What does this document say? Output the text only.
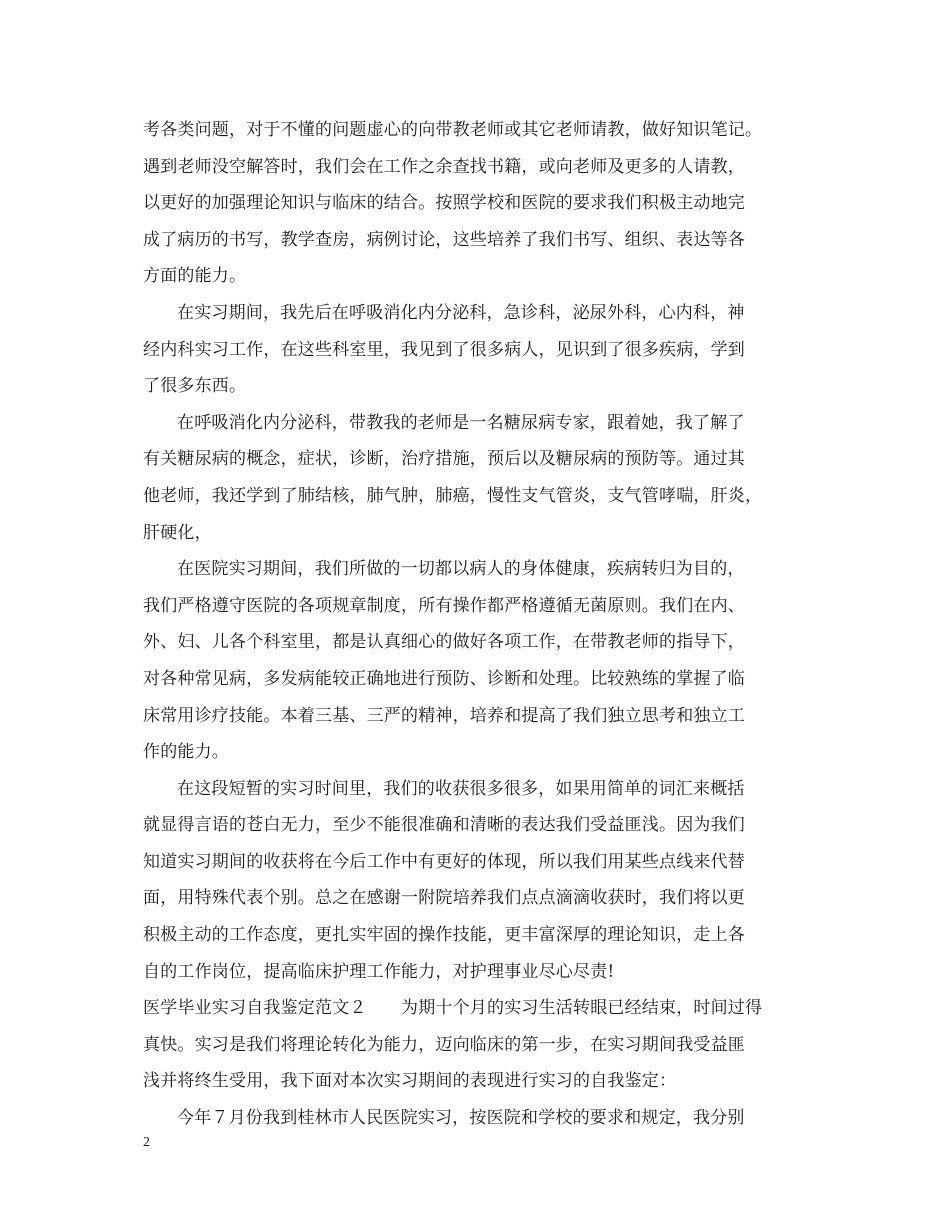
考各类问题，对于不懂的问题虚心的向带教老师或其它老师请教，做好知识笔记。
遇到老师没空解答时，我们会在工作之余查找书籍，或向老师及更多的人请教，
以更好的加强理论知识与临床的结合。按照学校和医院的要求我们积极主动地完
成了病历的书写，教学查房，病例讨论，这些培养了我们书写、组织、表达等各
方面的能力。
在实习期间，我先后在呼吸消化内分泌科，急诊科，泌尿外科，心内科，神
经内科实习工作，在这些科室里，我见到了很多病人，见识到了很多疾病，学到
了很多东西。
在呼吸消化内分泌科，带教我的老师是一名糖尿病专家，跟着她，我了解了
有关糖尿病的概念，症状，诊断，治疗措施，预后以及糖尿病的预防等。通过其
他老师，我还学到了肺结核，肺气肿，肺癌，慢性支气管炎，支气管哮喘，肝炎，
肝硬化，
在医院实习期间，我们所做的一切都以病人的身体健康，疾病转归为目的，
我们严格遵守医院的各项规章制度，所有操作都严格遵循无菌原则。我们在内、
外、妇、儿各个科室里，都是认真细心的做好各项工作，在带教老师的指导下，
对各种常见病，多发病能较正确地进行预防、诊断和处理。比较熟练的掌握了临
床常用诊疗技能。本着三基、三严的精神，培养和提高了我们独立思考和独立工
作的能力。
在这段短暂的实习时间里，我们的收获很多很多，如果用简单的词汇来概括
就显得言语的苍白无力，至少不能很准确和清晰的表达我们受益匪浅。因为我们
知道实习期间的收获将在今后工作中有更好的体现，所以我们用某些点线来代替
面，用特殊代表个别。总之在感谢一附院培养我们点点滴滴收获时，我们将以更
积极主动的工作态度，更扎实牢固的操作技能，更丰富深厚的理论知识，走上各
自的工作岗位，提高临床护理工作能力，对护理事业尽心尽责!
医学毕业实习自我鉴定范文２　　为期十个月的实习生活转眼已经结束，时间过得
真快。实习是我们将理论转化为能力，迈向临床的第一步，在实习期间我受益匪
浅并将终生受用，我下面对本次实习期间的表现进行实习的自我鉴定：
今年７月份我到桂林市人民医院实习，按医院和学校的要求和规定，我分别
2
